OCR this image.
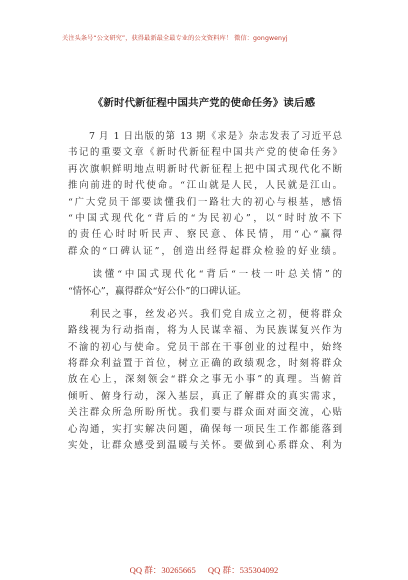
关注头条号“公文研究”，获得最新最全最专业的公文资料库！ 微信：gongwenyj
《新时代新征程中国共产党的使命任务》读后感
　　7 月 1 日出版的第 13 期《求是》杂志发表了习近平总
书记的重要文章《新时代新征程中国共产党的使命任务》
再次旗帜鲜明地点明新时代新征程上把中国式现代化不断
推向前进的时代使命。“江山就是人民，人民就是江山。
“广大党员干部要读懂我们一路壮大的初心与根基，感悟
“中国式现代化“背后的“为民初心”，以“时时放不下
的责任心时时听民声、察民意、体民情，用“心“赢得
群众的“口碑认证”，创造出经得起群众检验的好业绩。
　　读懂“中国式现代化“背后“一枝一叶总关情”的
“情怀心”，赢得群众“好公仆”的口碑认证。
　　利民之事，丝发必兴。我们党自成立之初，便将群众
路线视为行动指南，将为人民谋幸福、为民族谋复兴作为
不渝的初心与使命。党员干部在干事创业的过程中，始终
将群众利益置于首位，树立正确的政绩观念，时刻将群众
放在心上，深刻领会“群众之事无小事”的真理。当俯首
倾听、俯身行动，深入基层，真正了解群众的真实需求，
关注群众所急所盼所忧。我们要与群众面对面交流，心贴
心沟通，实打实解决问题，确保每一项民生工作都能落到
实处，让群众感受到温暖与关怀。要做到心系群众、利为
QQ 群：30265665 QQ 群：535304092
